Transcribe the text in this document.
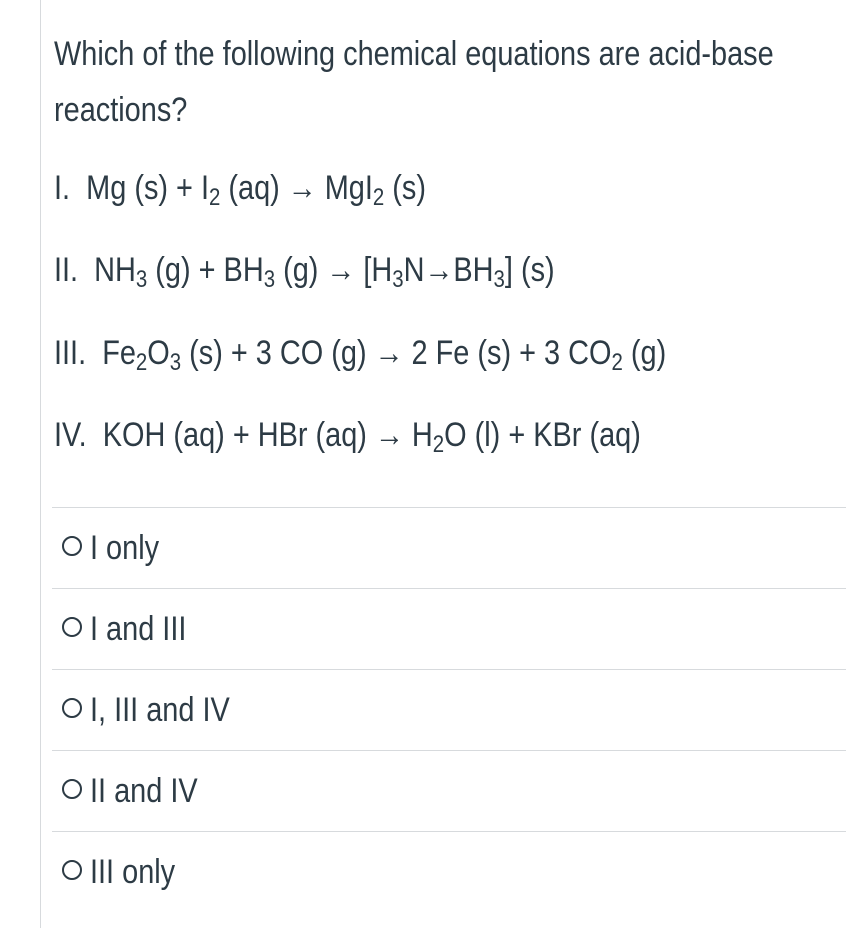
Which of the following chemical equations are acid-base reactions?

I. Mg $(s) + I_2$ (aq) → MgI$_2$ (s)
II. $NH_3$ $(g) + BH_3$ $(g) \to [H_3N\to BH_3]$ (s)
III. $Fe_2O_3$ (s) + 3 CO (g) → 2 Fe (s) + 3 $CO_2$ (g)
IV. KOH (aq) + HBr $(aq) \to H_2O$ (l) + KBr (aq)
I only
I and III
I, III and IV
II and IV
III only
